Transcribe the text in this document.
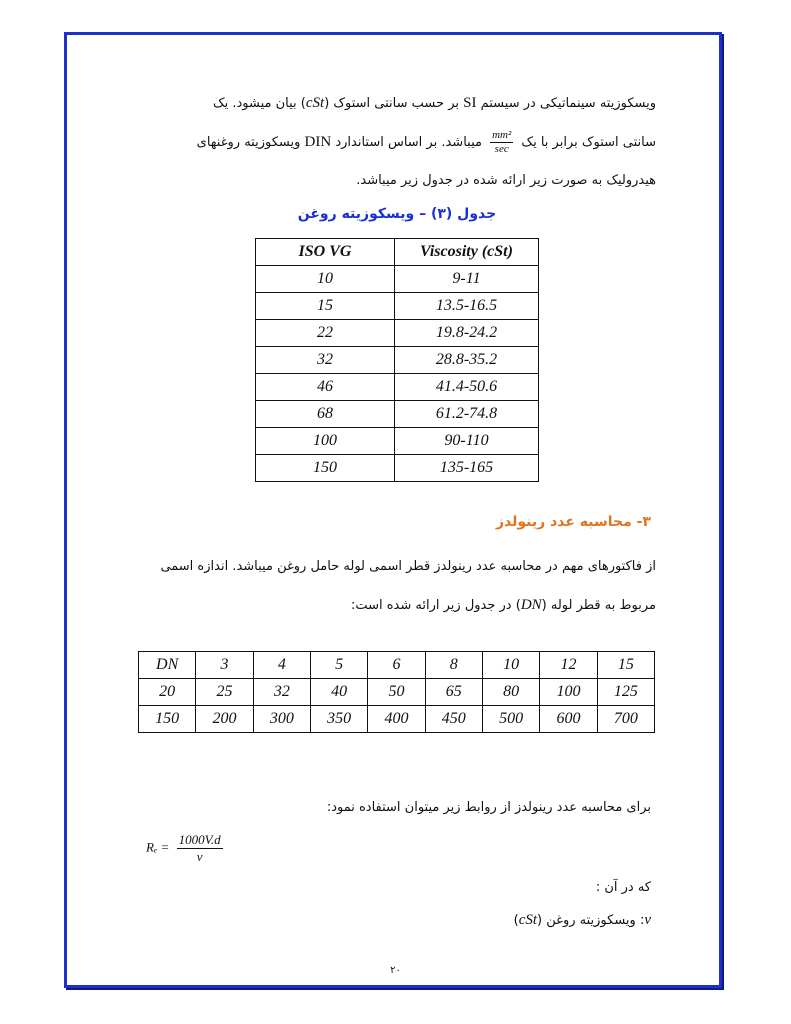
ویسکوزیته سینماتیکی در سیستم SI بر حسب سانتی استوک (cSt) بیان میشود. یک
سانتی استوک برابر با یک
$\frac{\text{mm²}}{\sec}$
میباشد. بر اساس استاندارد DIN ویسکوزیته روغنهای
هیدرولیک به صورت زیر ارائه شده در جدول زیر میباشد.
جدول (۳) – ویسکوزیته روغن
ISO VG	Viscosity (cSt)
10	9-11
15	13.5-16.5
22	19.8-24.2
32	28.8-35.2
46	41.4-50.6
68	61.2-74.8
100	90-110
150	135-165
۳- محاسبه عدد رینولدز
از فاکتورهای مهم در محاسبه عدد رینولدز قطر اسمی لوله حامل روغن میباشد. اندازه اسمی
مربوط به قطر لوله (DN) در جدول زیر ارائه شده است:
DN	3	4	5	6	8	10	12	15
20	25	32	40	50	65	80	100	125
150	200	300	350	400	450	500	600	700
برای محاسبه عدد رینولدز از روابط زیر میتوان استفاده نمود:
$R_e = \frac{1000V.d}{\nu}$
که در آن :
ν: ویسکوزیته روغن (cSt)
۲۰
